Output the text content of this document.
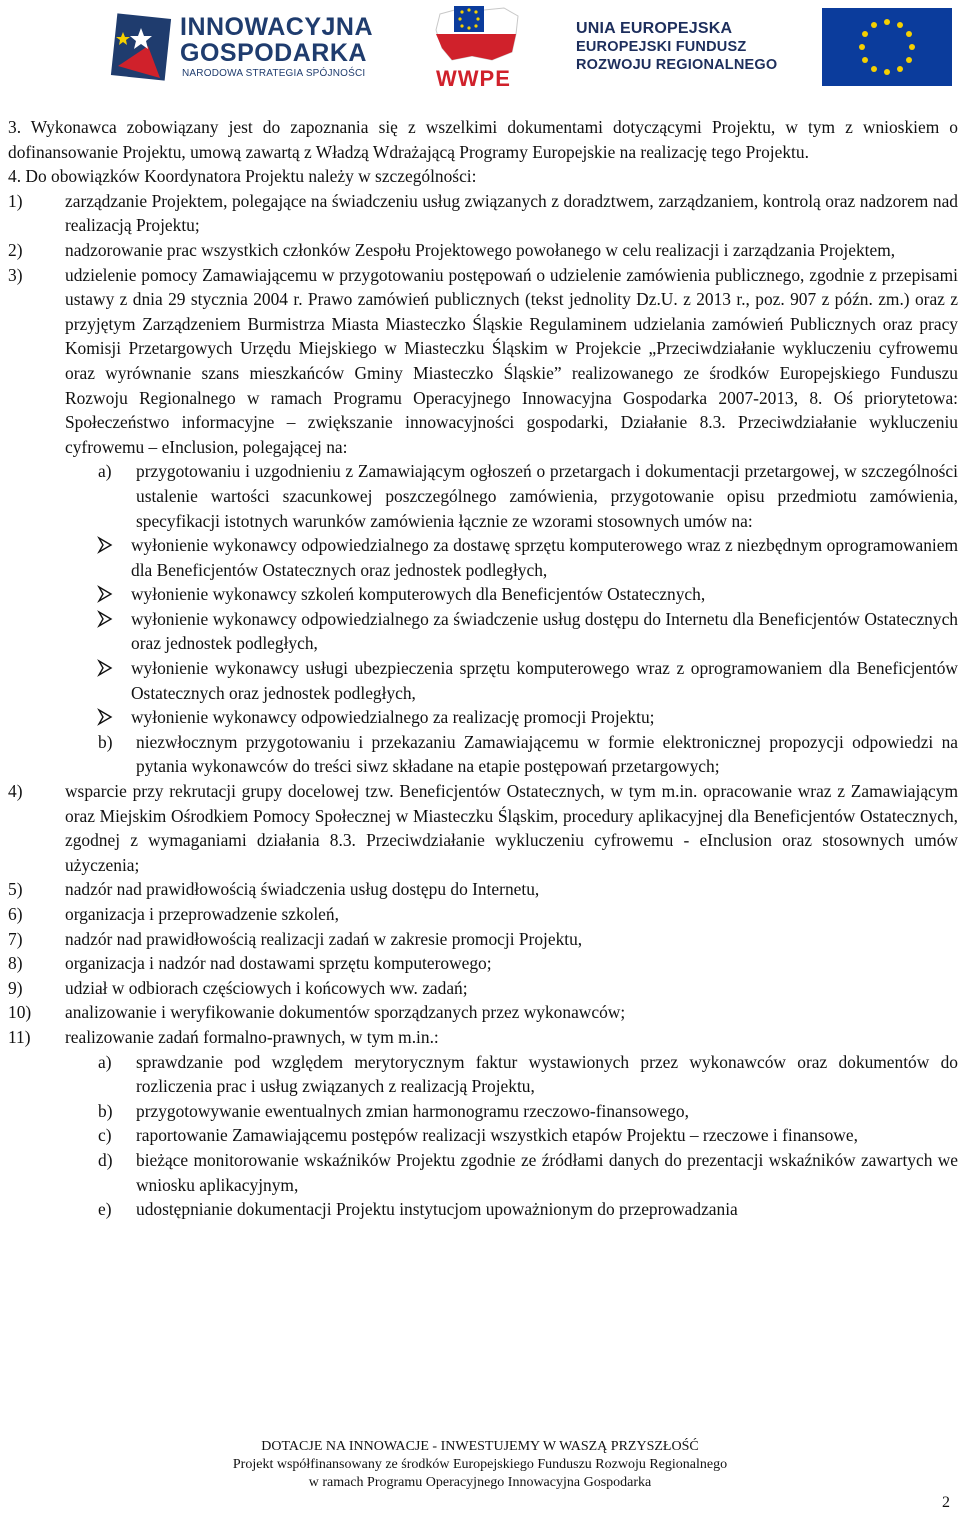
INNOWACYJNA
GOSPODARKA
NARODOWA STRATEGIA SPÓJNOŚCI	WWPE
UNIA EUROPEJSKA
EUROPEJSKI FUNDUSZ
ROZWOJU REGIONALNEGO

3. Wykonawca zobowiązany jest do zapoznania się z wszelkimi dokumentami dotyczącymi Projektu, w tym z wnioskiem o dofinansowanie Projektu, umową zawartą z Władzą Wdrażającą Programy Europejskie na realizację tego Projektu.

4. Do obowiązków Koordynatora Projektu należy w szczególności:

1) zarządzanie Projektem, polegające na świadczeniu usług związanych z doradztwem, zarządzaniem, kontrolą oraz nadzorem nad realizacją Projektu;
2) nadzorowanie prac wszystkich członków Zespołu Projektowego powołanego w celu realizacji i zarządzania Projektem,
3) udzielenie pomocy Zamawiającemu w przygotowaniu postępowań o udzielenie zamówienia publicznego, zgodnie z przepisami ustawy z dnia 29 stycznia 2004 r. Prawo zamówień publicznych (tekst jednolity Dz.U. z 2013 r., poz. 907 z późn. zm.) oraz z przyjętym Zarządzeniem Burmistrza Miasta Miasteczko Śląskie Regulaminem udzielania zamówień Publicznych oraz pracy Komisji Przetargowych Urzędu Miejskiego w Miasteczku Śląskim w Projekcie „Przeciwdziałanie wykluczeniu cyfrowemu oraz wyrównanie szans mieszkańców Gminy Miasteczko Śląskie” realizowanego ze środków Europejskiego Funduszu Rozwoju Regionalnego w ramach Programu Operacyjnego Innowacyjna Gospodarka 2007-2013, 8. Oś priorytetowa: Społeczeństwo informacyjne – zwiększanie innowacyjności gospodarki, Działanie 8.3. Przeciwdziałanie wykluczeniu cyfrowemu – eInclusion, polegającej na:
a) przygotowaniu i uzgodnieniu z Zamawiającym ogłoszeń o przetargach i dokumentacji przetargowej, w szczególności ustalenie wartości szacunkowej poszczególnego zamówienia, przygotowanie opisu przedmiotu zamówienia, specyfikacji istotnych warunków zamówienia łącznie ze wzorami stosownych umów na:
wyłonienie wykonawcy odpowiedzialnego za dostawę sprzętu komputerowego wraz z niezbędnym oprogramowaniem dla Beneficjentów Ostatecznych oraz jednostek podległych,
wyłonienie wykonawcy szkoleń komputerowych dla Beneficjentów Ostatecznych,
wyłonienie wykonawcy odpowiedzialnego za świadczenie usług dostępu do Internetu dla Beneficjentów Ostatecznych oraz jednostek podległych,
wyłonienie wykonawcy usługi ubezpieczenia sprzętu komputerowego wraz z oprogramowaniem dla Beneficjentów Ostatecznych oraz jednostek podległych,
wyłonienie wykonawcy odpowiedzialnego za realizację promocji Projektu;
b) niezwłocznym przygotowaniu i przekazaniu Zamawiającemu w formie elektronicznej propozycji odpowiedzi na pytania wykonawców do treści siwz składane na etapie postępowań przetargowych;
4) wsparcie przy rekrutacji grupy docelowej tzw. Beneficjentów Ostatecznych, w tym m.in. opracowanie wraz z Zamawiającym oraz Miejskim Ośrodkiem Pomocy Społecznej w Miasteczku Śląskim, procedury aplikacyjnej dla Beneficjentów Ostatecznych, zgodnej z wymaganiami działania 8.3. Przeciwdziałanie wykluczeniu cyfrowemu - eInclusion oraz stosownych umów użyczenia;
5) nadzór nad prawidłowością świadczenia usług dostępu do Internetu,
6) organizacja i przeprowadzenie szkoleń,
7) nadzór nad prawidłowością realizacji zadań w zakresie promocji Projektu,
8) organizacja i nadzór nad dostawami sprzętu komputerowego;
9) udział w odbiorach częściowych i końcowych ww. zadań;
10) analizowanie i weryfikowanie dokumentów sporządzanych przez wykonawców;
11) realizowanie zadań formalno-prawnych, w tym m.in.:
a) sprawdzanie pod względem merytorycznym faktur wystawionych przez wykonawców oraz dokumentów do rozliczenia prac i usług związanych z realizacją Projektu,
b) przygotowywanie ewentualnych zmian harmonogramu rzeczowo-finansowego,
c) raportowanie Zamawiającemu postępów realizacji wszystkich etapów Projektu – rzeczowe i finansowe,
d) bieżące monitorowanie wskaźników Projektu zgodnie ze źródłami danych do prezentacji wskaźników zawartych we wniosku aplikacyjnym,
e) udostępnianie dokumentacji Projektu instytucjom upoważnionym do przeprowadzania
DOTACJE NA INNOWACJE - INWESTUJEMY W WASZĄ PRZYSZŁOŚĆ
Projekt współfinansowany ze środków Europejskiego Funduszu Rozwoju Regionalnego
w ramach Programu Operacyjnego Innowacyjna Gospodarka
2
